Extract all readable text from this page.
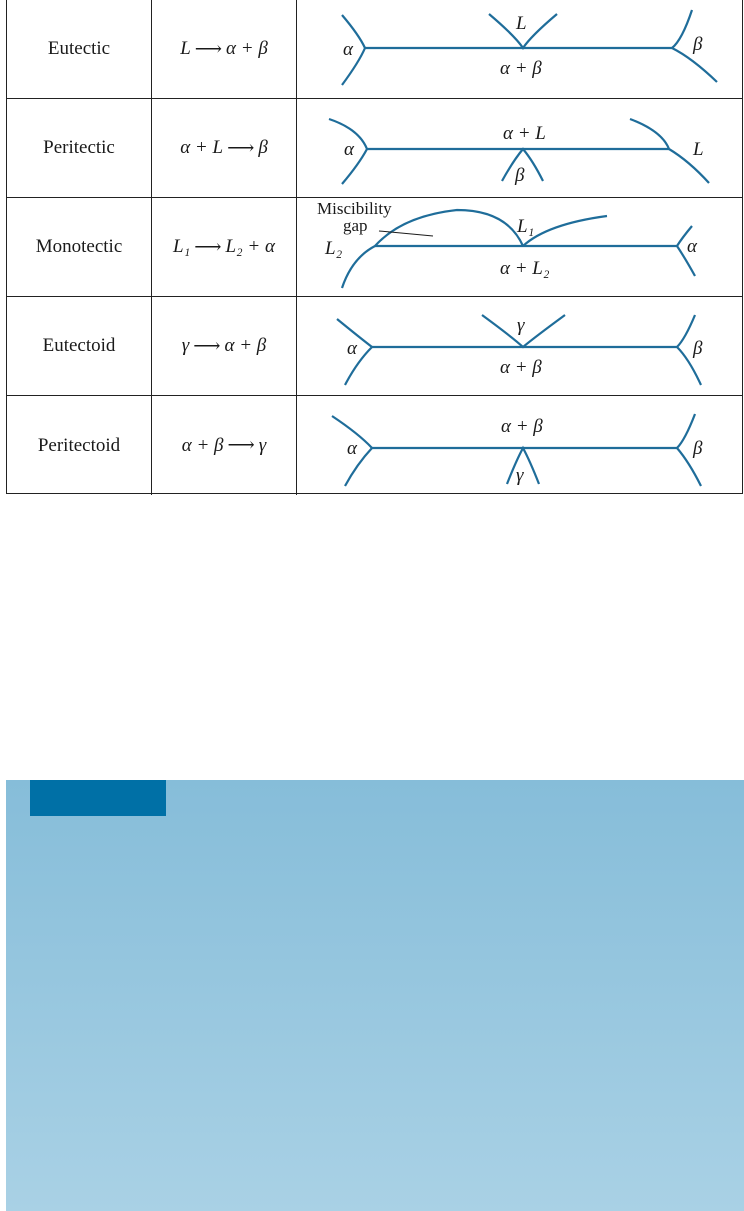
Eutectic	L ⟶ α + β
L
α	β
α + β
Peritectic	α + L ⟶ β
α + L
α	L
β
Monotectic	L₁ ⟶ L₂ + α
Miscibility
gap	L₁
L₂	α
α + L₂
Eutectoid	γ ⟶ α + β
γ
α	β
α + β
Peritectoid	α + β ⟶ γ
α + β
α	β
γ
